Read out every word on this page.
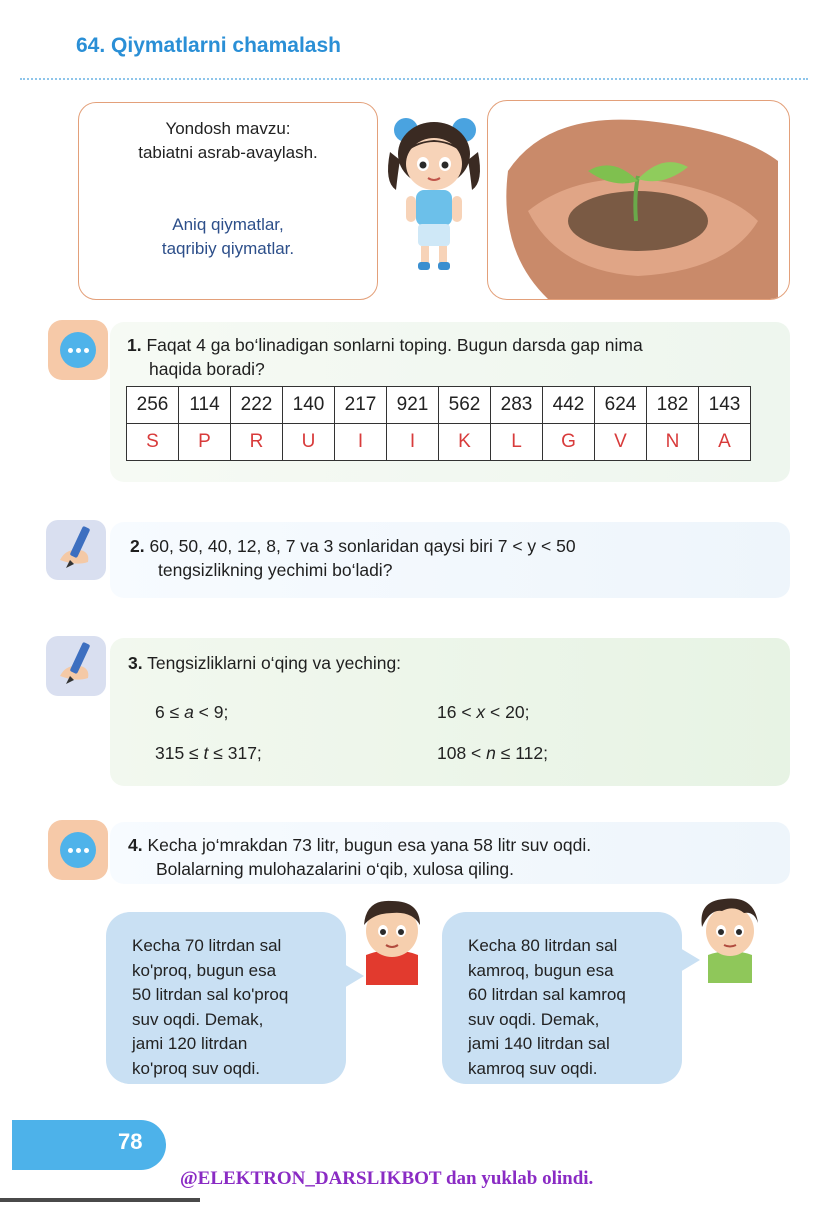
64. Qiymatlarni chamalash
Yondosh mavzu:
tabiatni asrab-avaylash.
Aniq qiymatlar,
taqribiy qiymatlar.
1. Faqat 4 ga bo‘linadigan sonlarni toping. Bugun darsda gap nima
haqida boradi?
256	114	222	140	217	921	562	283	442	624	182	143
S	P	R	U	I	I	K	L	G	V	N	A
2. 60, 50, 40, 12, 8, 7 va 3 sonlaridan qaysi biri 7 < y < 50
tengsizlikning yechimi bo‘ladi?
3. Tengsizliklarni o‘qing va yeching:
6 ≤ a < 9;	16 < x < 20;
315 ≤ t ≤ 317;	108 < n ≤ 112;
4. Kecha jo‘mrakdan 73 litr, bugun esa yana 58 litr suv oqdi.
Bolalarning mulohazalarini o‘qib, xulosa qiling.
Kecha 70 litrdan sal
ko'proq, bugun esa
50 litrdan sal ko'proq
suv oqdi. Demak,
jami 120 litrdan
ko'proq suv oqdi.
Kecha 80 litrdan sal
kamroq, bugun esa
60 litrdan sal kamroq
suv oqdi. Demak,
jami 140 litrdan sal
kamroq suv oqdi.
78
@ELEKTRON_DARSLIKBOT dan yuklab olindi.
